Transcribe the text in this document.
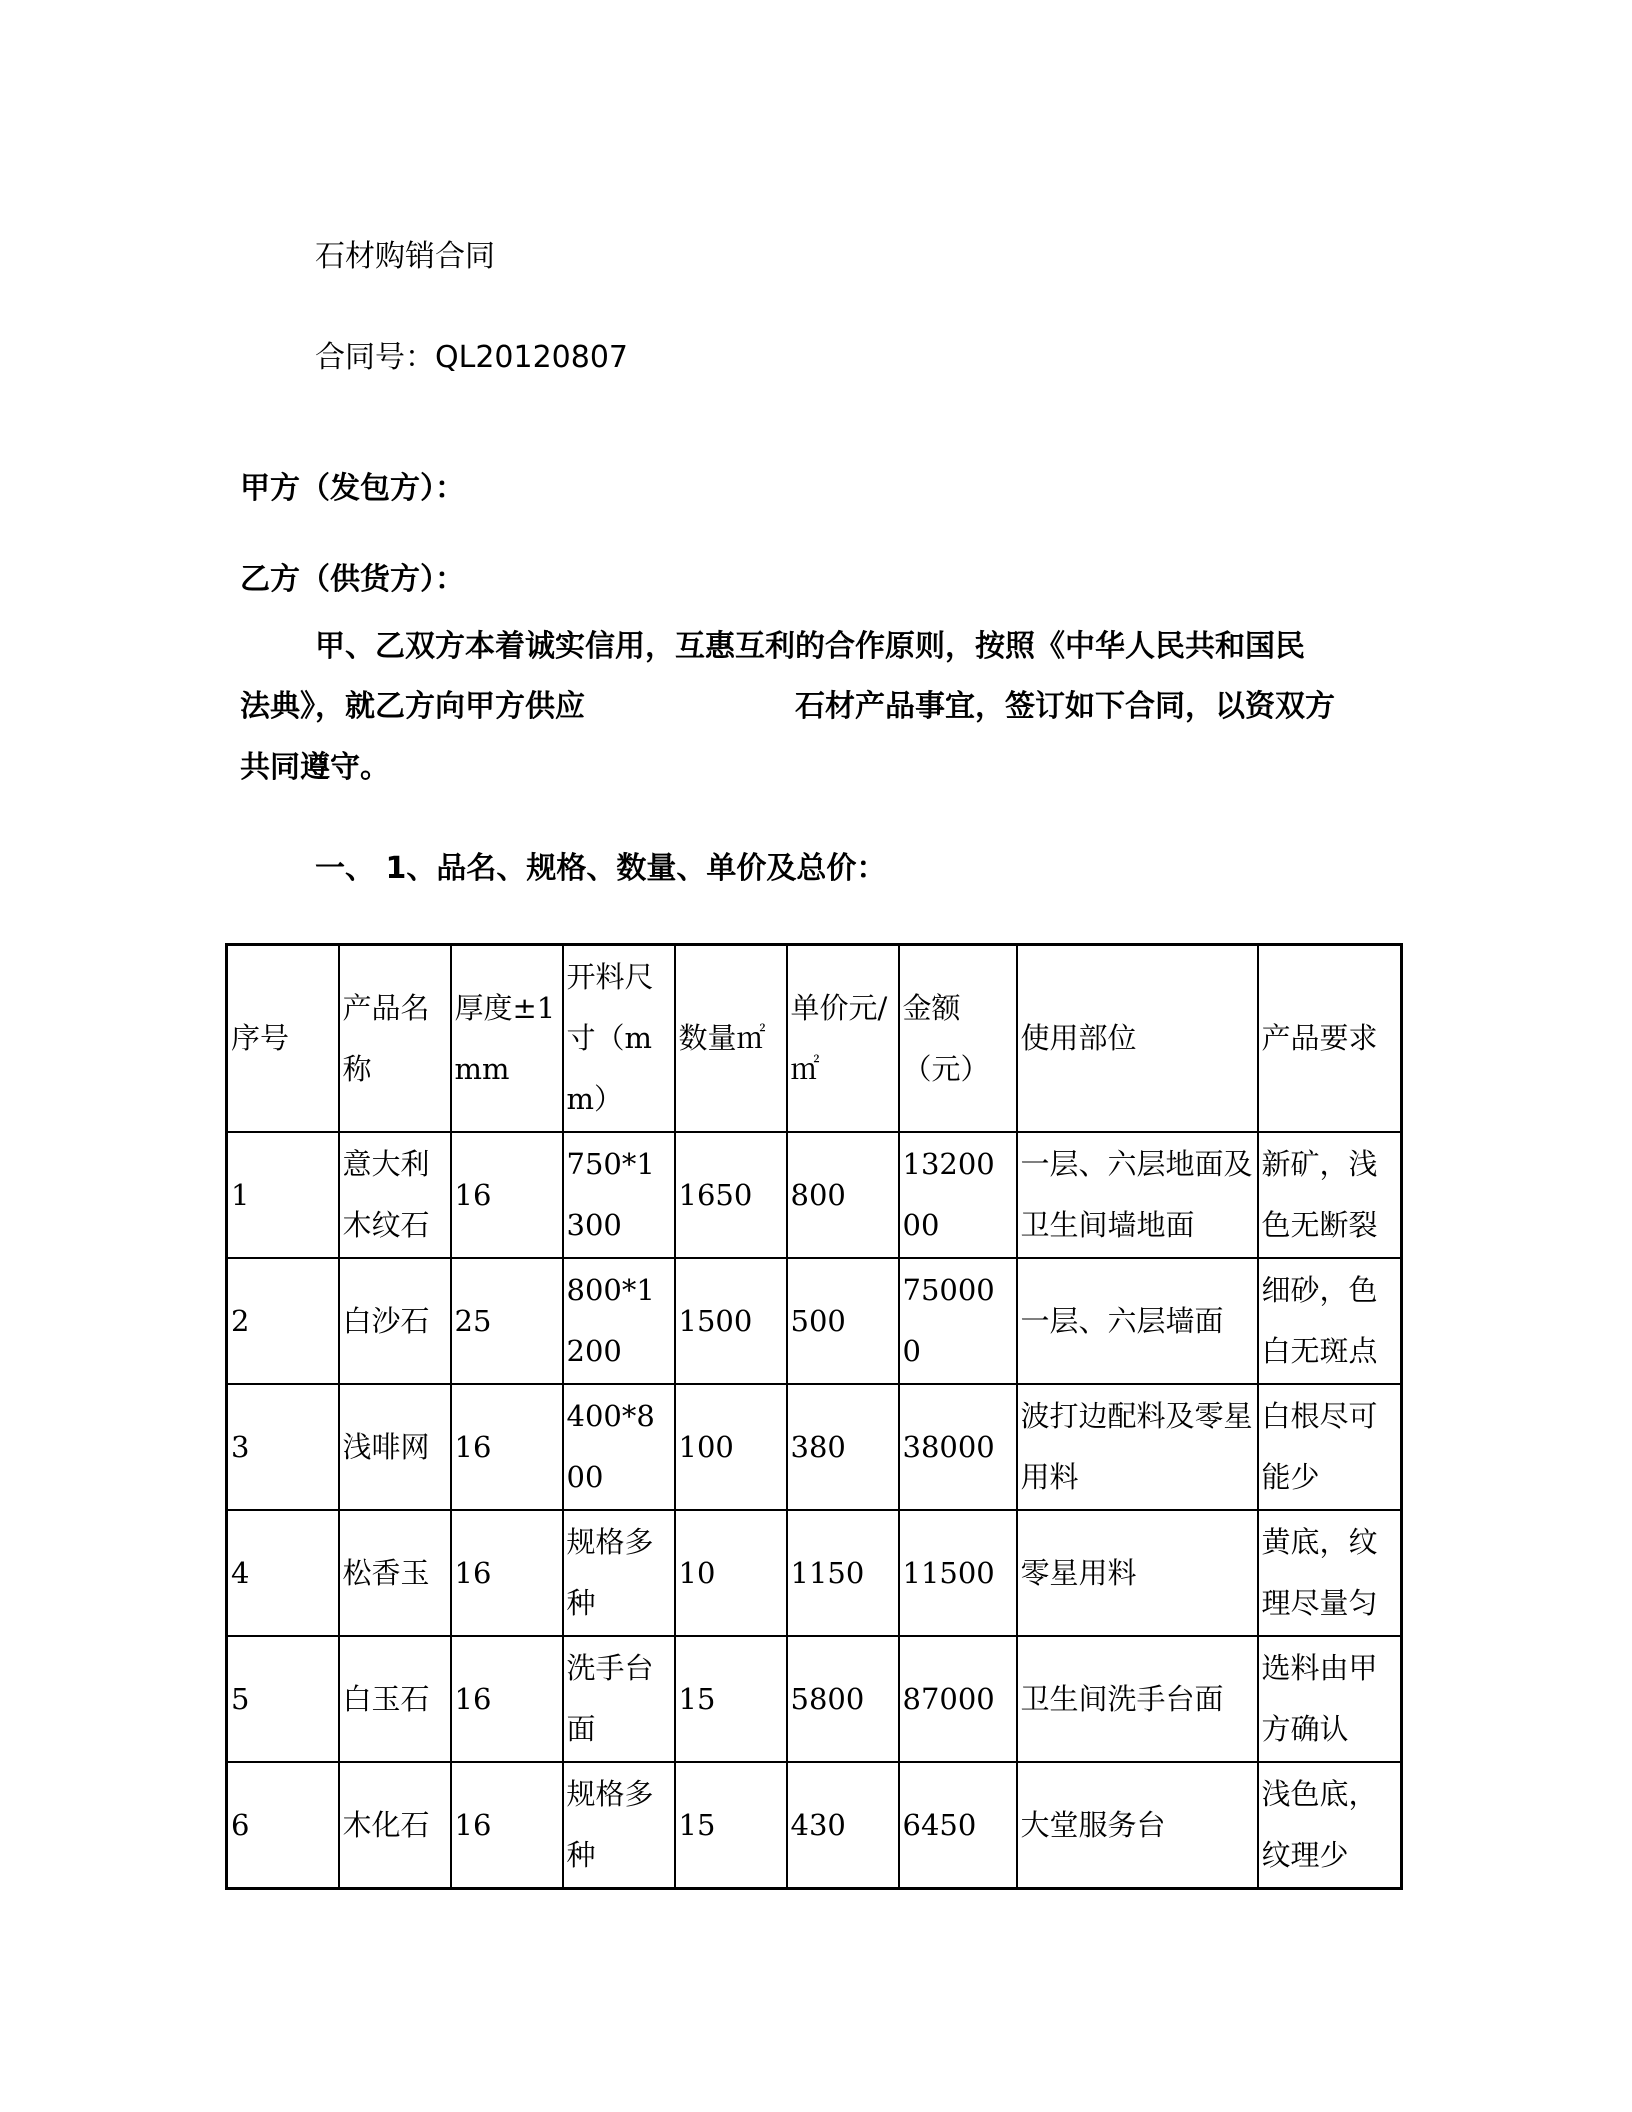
石材购销合同
合同号：QL20120807
甲方（发包方）：
乙方（供货方）：
甲、乙双方本着诚实信用，互惠互利的合作原则，按照《中华人民共和国民
法典》，就乙方向甲方供应	石材产品事宜，签订如下合同，以资双方
共同遵守。
一、 1、品名、规格、数量、单价及总价：
序号	产品名称	厚度±1mm	开料尺寸（mm）	数量㎡	单价元/㎡	金额（元）	使用部位	产品要求
1	意大利木纹石	16	750*1300	1650	800	1320000	一层、六层地面及卫生间墙地面	新矿，浅色无断裂
2	白沙石	25	800*1200	1500	500	750000	一层、六层墙面	细砂，色白无斑点
3	浅啡网	16	400*800	100	380	38000	波打边配料及零星用料	白根尽可能少
4	松香玉	16	规格多种	10	1150	11500	零星用料	黄底，纹理尽量匀
5	白玉石	16	洗手台面	15	5800	87000	卫生间洗手台面	选料由甲方确认
6	木化石	16	规格多种	15	430	6450	大堂服务台	浅色底，纹理少
